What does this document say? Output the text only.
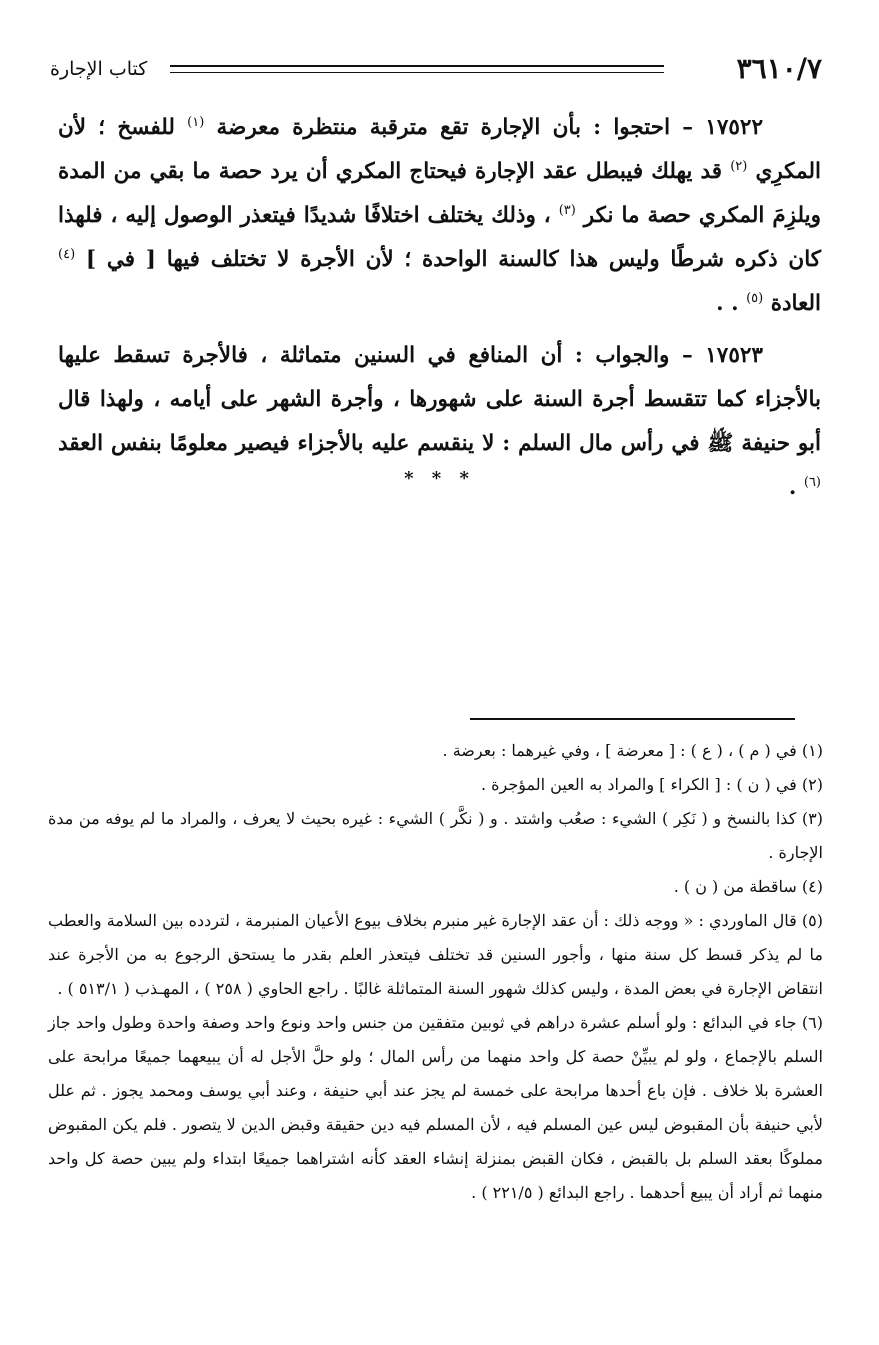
٣٦١٠/٧
كتاب الإجارة

١٧٥٢٢ – احتجوا : بأن الإجارة تقع مترقبة منتظرة معرضة $^{(١)}$ للفسخ ؛ لأن المكرِي $^{(٢)}$ قد يهلك فيبطل عقد الإجارة فيحتاج المكري أن يرد حصة ما بقي من المدة ويلزِمَ المكري حصة ما نكر $^{(٣)}$ ، وذلك يختلف اختلافًا شديدًا فيتعذر الوصول إليه ، فلهذا كان ذكره شرطًا وليس هذا كالسنة الواحدة ؛ لأن الأجرة لا تختلف فيها [ في ] $^{(٤)}$ العادة $^{(٥)}$ . .

١٧٥٢٣ – والجواب : أن المنافع في السنين متماثلة ، فالأجرة تسقط عليها بالأجزاء كما تتقسط أجرة السنة على شهورها ، وأجرة الشهر على أيامه ، ولهذا قال أبو حنيفة ﷺ في رأس مال السلم : لا ينقسم عليه بالأجزاء فيصير معلومًا بنفس العقد $^{(٦)}$ .

* * *

(١) في ( م ) ، ( ع ) : [ معرضة ] ، وفي غيرهما : بعرضة .

(٢) في ( ن ) : [ الكراء ] والمراد به العين المؤجرة .

(٣) كذا بالنسخ و ( نَكِر ) الشيء : صعُب واشتد . و ( نكَّر ) الشيء : غيره بحيث لا يعرف ، والمراد ما لم يوفه من مدة الإجارة .

(٤) ساقطة من ( ن ) .

(٥) قال الماوردي : « ووجه ذلك : أن عقد الإجارة غير منبرم بخلاف بيوع الأعيان المنبرمة ، لتردده بين السلامة والعطب ما لم يذكر قسط كل سنة منها ، وأجور السنين قد تختلف فيتعذر العلم بقدر ما يستحق الرجوع به من الأجرة عند انتقاض الإجارة في بعض المدة ، وليس كذلك شهور السنة المتماثلة غالبًا . راجع الحاوي ( ٢٥٨ ) ، المهـذب ( ٥١٣/١ ) .

(٦) جاء في البدائع : ولو أسلم عشرة دراهم في ثوبين متفقين من جنس واحد ونوع واحد وصفة واحدة وطول واحد جاز السلم بالإجماع ، ولو لم يبيِّنْ حصة كل واحد منهما من رأس المال ؛ ولو حلَّ الأجل له أن يبيعهما جميعًا مرابحة على العشرة بلا خلاف . فإن باع أحدها مرابحة على خمسة لم يجز عند أبي حنيفة ، وعند أبي يوسف ومحمد يجوز . ثم علل لأبي حنيفة بأن المقبوض ليس عين المسلم فيه ، لأن المسلم فيه دين حقيقة وقبض الدين لا يتصور . فلم يكن المقبوض مملوكًا بعقد السلم بل بالقبض ، فكان القبض بمنزلة إنشاء العقد كأنه اشتراهما جميعًا ابتداء ولم يبين حصة كل واحد منهما ثم أراد أن يبيع أحدهما . راجع البدائع ( ٢٢١/٥ ) .
